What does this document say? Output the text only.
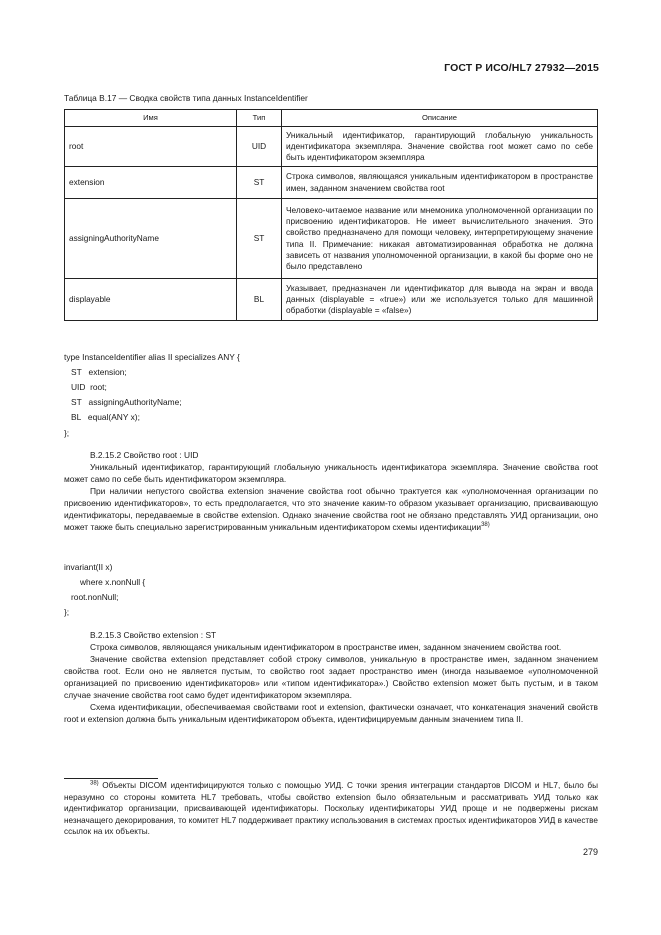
ГОСТ Р ИСО/HL7 27932—2015
Таблица В.17 — Сводка свойств типа данных InstanceIdentifier
Имя	Тип	Описание
root	UID	Уникальный идентификатор, гарантирующий глобальную уникальность идентификатора экземпляра. Значение свойства root может само по себе быть идентификатором экземпляра
extension	ST	Строка символов, являющаяся уникальным идентификатором в пространстве имен, заданном значением свойства root
assigningAuthorityName	ST	Человеко-читаемое название или мнемоника уполномоченной организации по присвоению идентификаторов. Не имеет вычислительного значения. Это свойство предназначено для помощи человеку, интерпретирующему значение типа II. Примечание: никакая автоматизированная обработка не должна зависеть от названия уполномоченной организации, в какой бы форме оно не было представлено
displayable	BL	Указывает, предназначен ли идентификатор для вывода на экран и ввода данных (displayable = «true») или же используется только для машинной обработки (displayable = «false»)
type InstanceIdentifier alias II specializes ANY {
ST   extension;
UID  root;
ST   assigningAuthorityName;
BL   equal(ANY x);
};

В.2.15.2 Свойство root : UID

Уникальный идентификатор, гарантирующий глобальную уникальность идентификатора экземпляра. Значение свойства root может само по себе быть идентификатором экземпляра.

При наличии непустого свойства extension значение свойства root обычно трактуется как «уполномоченная организации по присвоению идентификаторов», то есть предполагается, что это значение каким-то образом указывает организацию, присваивающую идентификаторы, передаваемые в свойстве extension. Однако значение свойства root не обязано представлять УИД организации, оно может также быть специально зарегистрированным уникальным идентификатором схемы идентификации$^{38)}$

invariant(II x)
where x.nonNull {
root.nonNull;
};

В.2.15.3 Свойство extension : ST

Строка символов, являющаяся уникальным идентификатором в пространстве имен, заданном значением свойства root.

Значение свойства extension представляет собой строку символов, уникальную в пространстве имен, заданном значением свойства root. Если оно не является пустым, то свойство root задает пространство имен (иногда называемое «уполномоченной организацией по присвоению идентификаторов» или «типом идентификатора».) Свойство extension может быть пустым, и в таком случае значение свойства root само будет идентификатором экземпляра.

Схема идентификации, обеспечиваемая свойствами root и extension, фактически означает, что конкатенация значений свойств root и extension должна быть уникальным идентификатором объекта, идентифицируемым данным значением типа II.

$^{38)}$ Объекты DICOM идентифицируются только с помощью УИД. С точки зрения интеграции стандартов DICOM и HL7, было бы неразумно со стороны комитета HL7 требовать, чтобы свойство extension было обязательным и рассматривать УИД только как идентификатор организации, присваивающей идентификаторы. Поскольку идентификаторы УИД проще и не подвержены рискам незначащего декорирования, то комитет HL7 поддерживает практику использования в системах простых идентификаторов УИД в качестве ссылок на их объекты.

279
